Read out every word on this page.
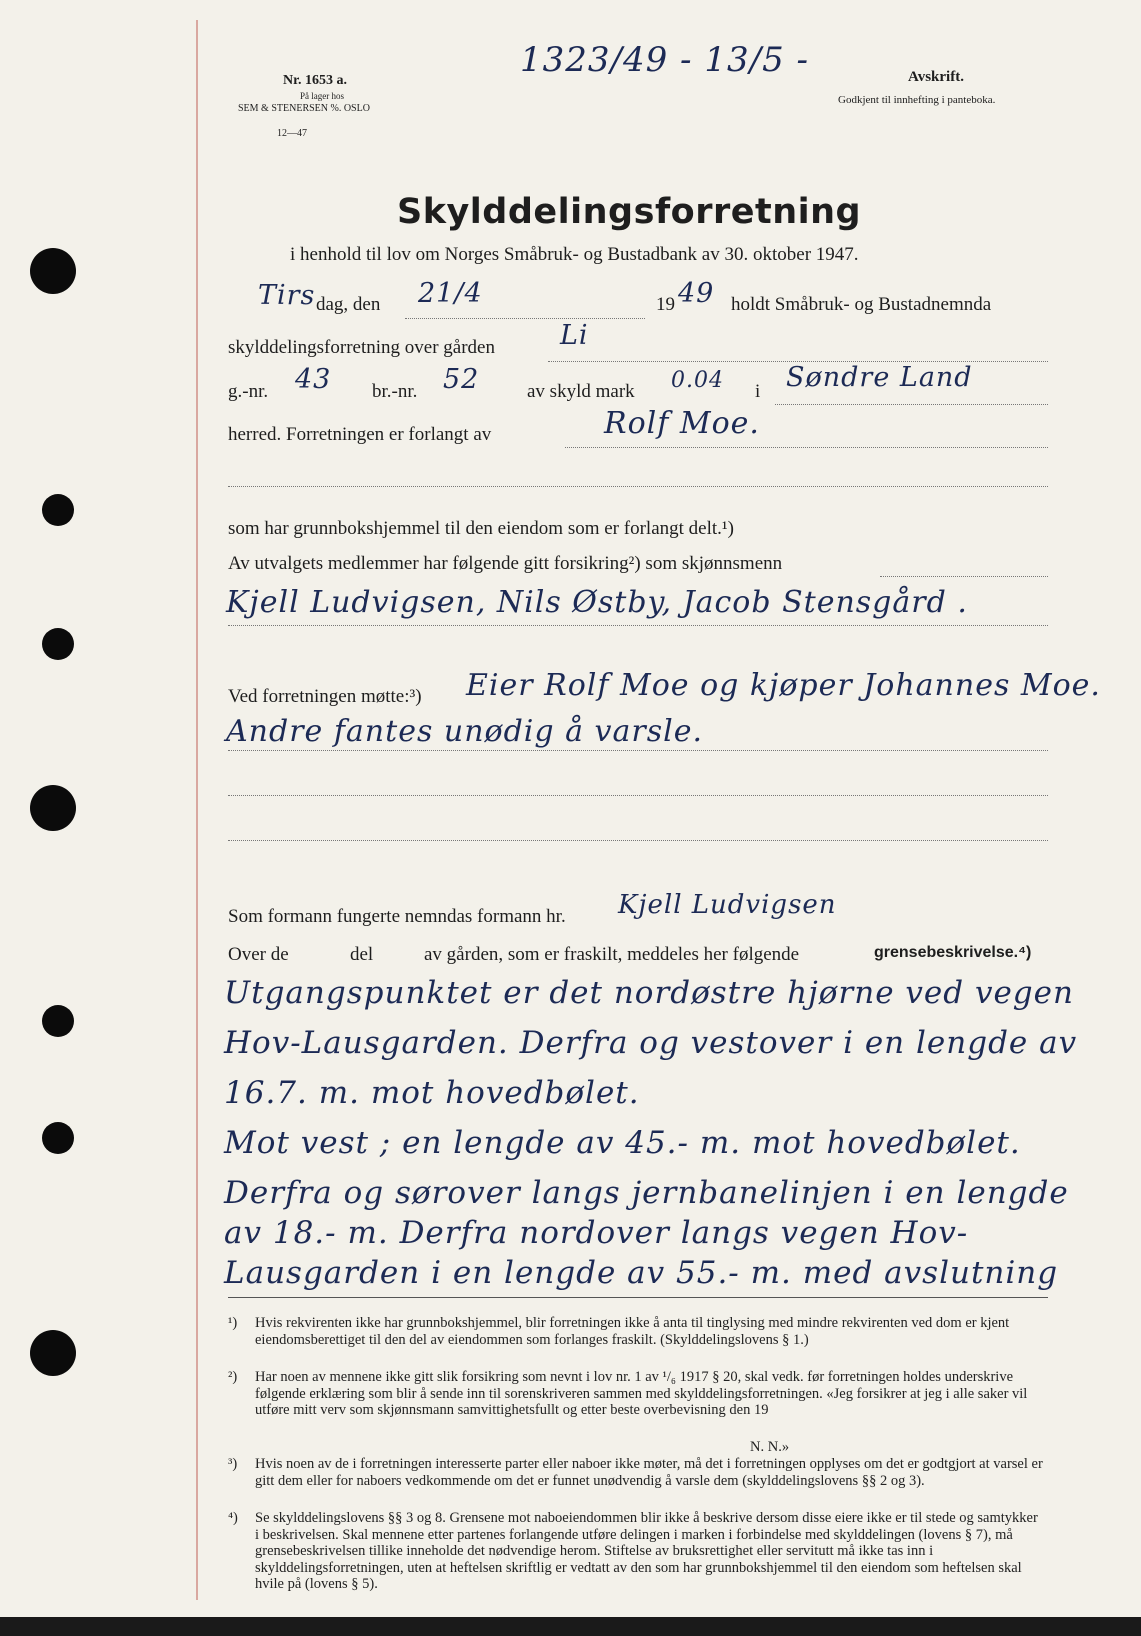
Nr. 1653 a.
På lager hos
SEM & STENERSEN %. OSLO
12—47
1323/49 - 13/5 -	Avskrift.
Godkjent til innhefting i panteboka.
Skylddelingsforretning
i henhold til lov om Norges Småbruk- og Bustadbank av 30. oktober 1947.
Tirs dag, den 21/4	19 49 holdt Småbruk- og Bustadnemnda
skylddelingsforretning over gården Li
g.-nr. 43 br.-nr. 52	av skyld mark 0.04 i Søndre Land
herred. Forretningen er forlangt av	Rolf Moe.
som har grunnbokshjemmel til den eiendom som er forlangt delt.¹)
Av utvalgets medlemmer har følgende gitt forsikring²) som skjønnsmenn
Kjell Ludvigsen, Nils Østby, Jacob Stensgård .
Ved forretningen møtte:³) Eier Rolf Moe og kjøper Johannes Moe.
Andre fantes unødig å varsle.
Som formann fungerte nemndas formann hr. Kjell Ludvigsen
Over de	del	av gården, som er fraskilt, meddeles her følgende	grensebeskrivelse.⁴)
Utgangspunktet er det nordøstre hjørne ved vegen
Hov-Lausgarden. Derfra og vestover i en lengde av
16.7. m. mot hovedbølet.
Mot vest ; en lengde av 45.- m. mot hovedbølet.
Derfra og sørover langs jernbanelinjen i en lengde
av 18.- m. Derfra nordover langs vegen Hov-
Lausgarden i en lengde av 55.- m. med avslutning
¹) Hvis rekvirenten ikke har grunnbokshjemmel, blir forretningen ikke å anta til tinglysing med mindre rekvirenten ved dom er kjent eiendomsberettiget til den del av eiendommen som forlanges fraskilt. (Skylddelingslovens § 1.)
²) Har noen av mennene ikke gitt slik forsikring som nevnt i lov nr. 1 av ¹/₆ 1917 § 20, skal vedk. før forretningen holdes underskrive følgende erklæring som blir å sende inn til sorenskriveren sammen med skylddelingsforretningen. «Jeg forsikrer at jeg i alle saker vil utføre mitt verv som skjønnsmann samvittighetsfullt og etter beste overbevisning den 19
N. N.»
³) Hvis noen av de i forretningen interesserte parter eller naboer ikke møter, må det i forretningen opplyses om det er godtgjort at varsel er gitt dem eller for naboers vedkommende om det er funnet unødvendig å varsle dem (skylddelingslovens §§ 2 og 3).
⁴) Se skylddelingslovens §§ 3 og 8. Grensene mot naboeiendommen blir ikke å beskrive dersom disse eiere ikke er til stede og samtykker i beskrivelsen. Skal mennene etter partenes forlangende utføre delingen i marken i forbindelse med skylddelingen (lovens § 7), må grensebeskrivelsen tillike inneholde det nødvendige herom. Stiftelse av bruksrettighet eller servitutt må ikke tas inn i skylddelingsforretningen, uten at heftelsen skriftlig er vedtatt av den som har grunnbokshjemmel til den eiendom som heftelsen skal hvile på (lovens § 5).
